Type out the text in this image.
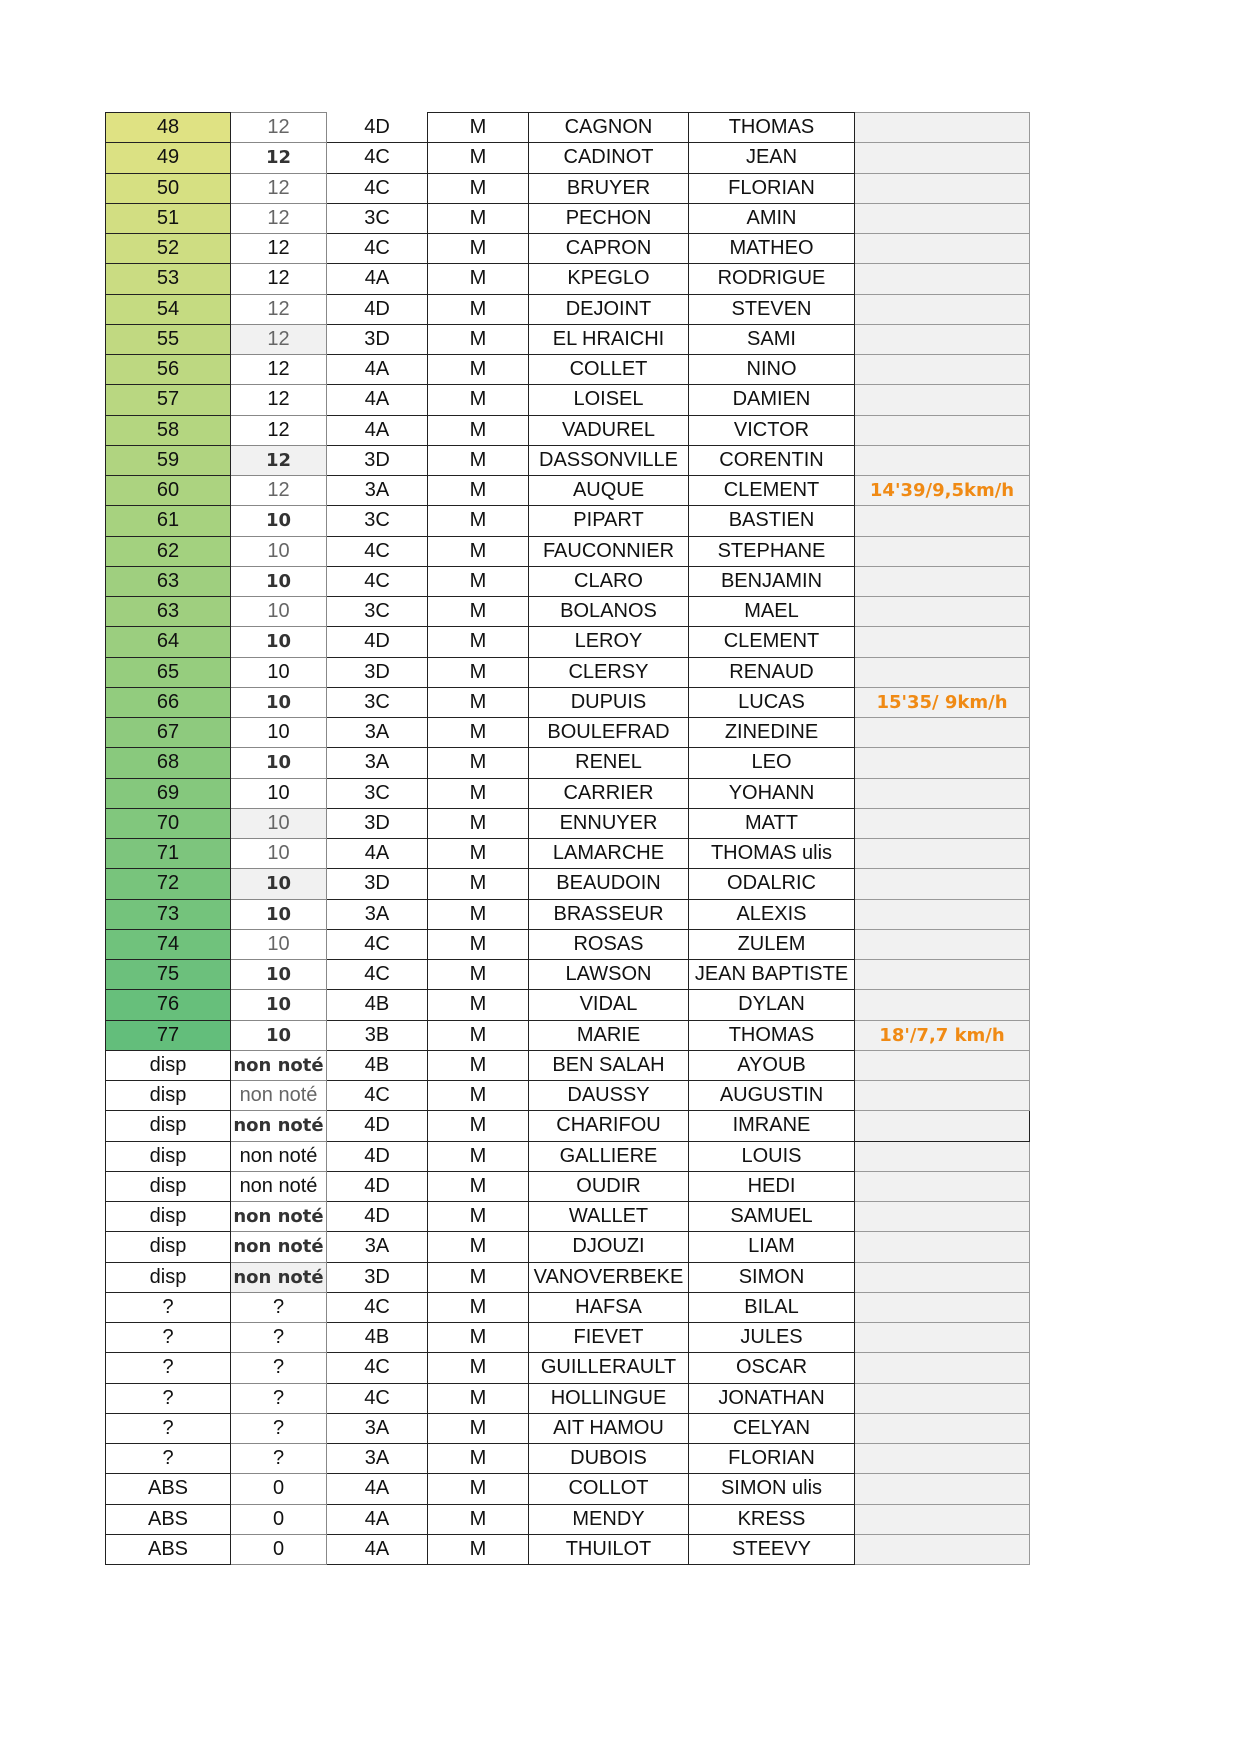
48	12	4D	M	CAGNON	THOMAS	
49	12	4C	M	CADINOT	JEAN	
50	12	4C	M	BRUYER	FLORIAN	
51	12	3C	M	PECHON	AMIN	
52	12	4C	M	CAPRON	MATHEO	
53	12	4A	M	KPEGLO	RODRIGUE	
54	12	4D	M	DEJOINT	STEVEN	
55	12	3D	M	EL HRAICHI	SAMI	
56	12	4A	M	COLLET	NINO	
57	12	4A	M	LOISEL	DAMIEN	
58	12	4A	M	VADUREL	VICTOR	
59	12	3D	M	DASSONVILLE	CORENTIN	
60	12	3A	M	AUQUE	CLEMENT	14'39/9,5km/h
61	10	3C	M	PIPART	BASTIEN	
62	10	4C	M	FAUCONNIER	STEPHANE	
63	10	4C	M	CLARO	BENJAMIN	
63	10	3C	M	BOLANOS	MAEL	
64	10	4D	M	LEROY	CLEMENT	
65	10	3D	M	CLERSY	RENAUD	
66	10	3C	M	DUPUIS	LUCAS	15'35/ 9km/h
67	10	3A	M	BOULEFRAD	ZINEDINE	
68	10	3A	M	RENEL	LEO	
69	10	3C	M	CARRIER	YOHANN	
70	10	3D	M	ENNUYER	MATT	
71	10	4A	M	LAMARCHE	THOMAS ulis	
72	10	3D	M	BEAUDOIN	ODALRIC	
73	10	3A	M	BRASSEUR	ALEXIS	
74	10	4C	M	ROSAS	ZULEM	
75	10	4C	M	LAWSON	JEAN BAPTISTE	
76	10	4B	M	VIDAL	DYLAN	
77	10	3B	M	MARIE	THOMAS	18'/7,7 km/h
disp	non noté	4B	M	BEN SALAH	AYOUB	
disp	non noté	4C	M	DAUSSY	AUGUSTIN	
disp	non noté	4D	M	CHARIFOU	IMRANE	
disp	non noté	4D	M	GALLIERE	LOUIS	
disp	non noté	4D	M	OUDIR	HEDI	
disp	non noté	4D	M	WALLET	SAMUEL	
disp	non noté	3A	M	DJOUZI	LIAM	
disp	non noté	3D	M	VANOVERBEKE	SIMON	
?	?	4C	M	HAFSA	BILAL	
?	?	4B	M	FIEVET	JULES	
?	?	4C	M	GUILLERAULT	OSCAR	
?	?	4C	M	HOLLINGUE	JONATHAN	
?	?	3A	M	AIT HAMOU	CELYAN	
?	?	3A	M	DUBOIS	FLORIAN	
ABS	0	4A	M	COLLOT	SIMON ulis	
ABS	0	4A	M	MENDY	KRESS	
ABS	0	4A	M	THUILOT	STEEVY	
